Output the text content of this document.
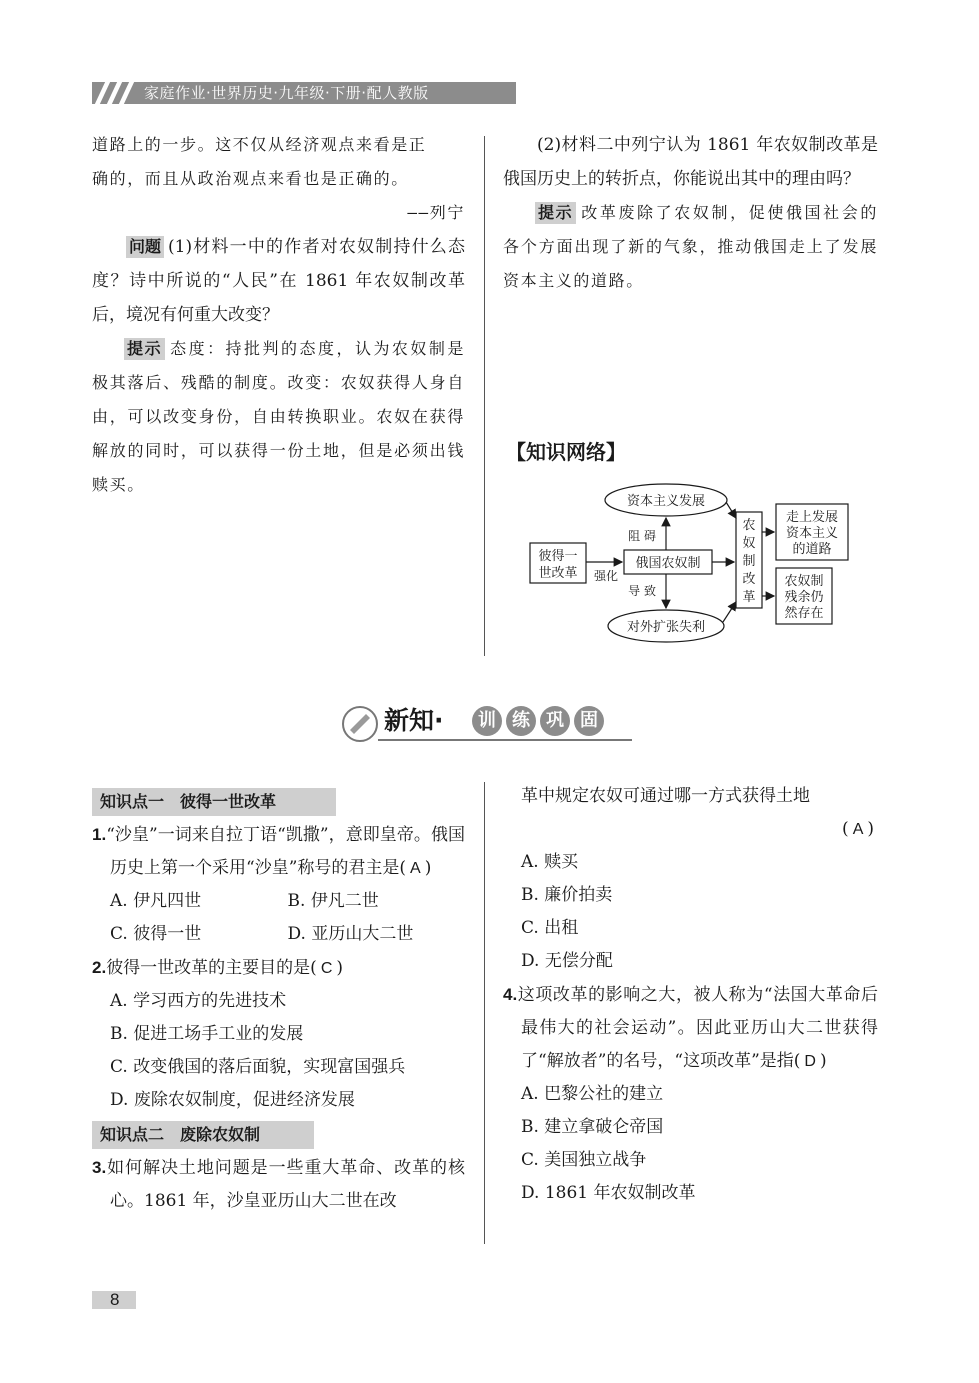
家庭作业·世界历史·九年级·下册·配人教版

道路上的一步。这不仅从经济观点来看是正

确的，而且从政治观点来看也是正确的。

——列宁

问题 (1)材料一中的作者对农奴制持什么态度？诗中所说的“人民”在 1861 年农奴制改革后，境况有何重大改变？

提示 态度：持批判的态度，认为农奴制是极其落后、残酷的制度。改变：农奴获得人身自由，可以改变身份，自由转换职业。农奴在获得解放的同时，可以获得一份土地，但是必须出钱赎买。

(2)材料二中列宁认为 1861 年农奴制改革是俄国历史上的转折点，你能说出其中的理由吗？

提示 改革废除了农奴制，促使俄国社会的各个方面出现了新的气象，推动俄国走上了发展资本主义的道路。

【知识网络】
资本主义发展
彼得一
世改革
俄国农奴制
对外扩张失利
农
奴
制
改
革
走上发展
资本主义
的道路
农奴制
残余仍
然存在
强化
阻 碍
导 致
新知·	训 练 巩 固
知识点一　彼得一世改革

1.“沙皇”一词来自拉丁语“凯撒”，意即皇帝。俄国历史上第一个采用“沙皇”称号的君主是( A )

A. 伊凡四世	B. 伊凡二世
C. 彼得一世	D. 亚历山大二世

2.彼得一世改革的主要目的是( C )

A. 学习西方的先进技术

B. 促进工场手工业的发展

C. 改变俄国的落后面貌，实现富国强兵

D. 废除农奴制度，促进经济发展

知识点二　废除农奴制

3.如何解决土地问题是一些重大革命、改革的核心。1861 年，沙皇亚历山大二世在改

革中规定农奴可通过哪一方式获得土地

( A )

A. 赎买

B. 廉价拍卖

C. 出租

D. 无偿分配

4.这项改革的影响之大，被人称为“法国大革命后最伟大的社会运动”。因此亚历山大二世获得了“解放者”的名号，“这项改革”是指( D )

A. 巴黎公社的建立

B. 建立拿破仑帝国

C. 美国独立战争

D. 1861 年农奴制改革

8
